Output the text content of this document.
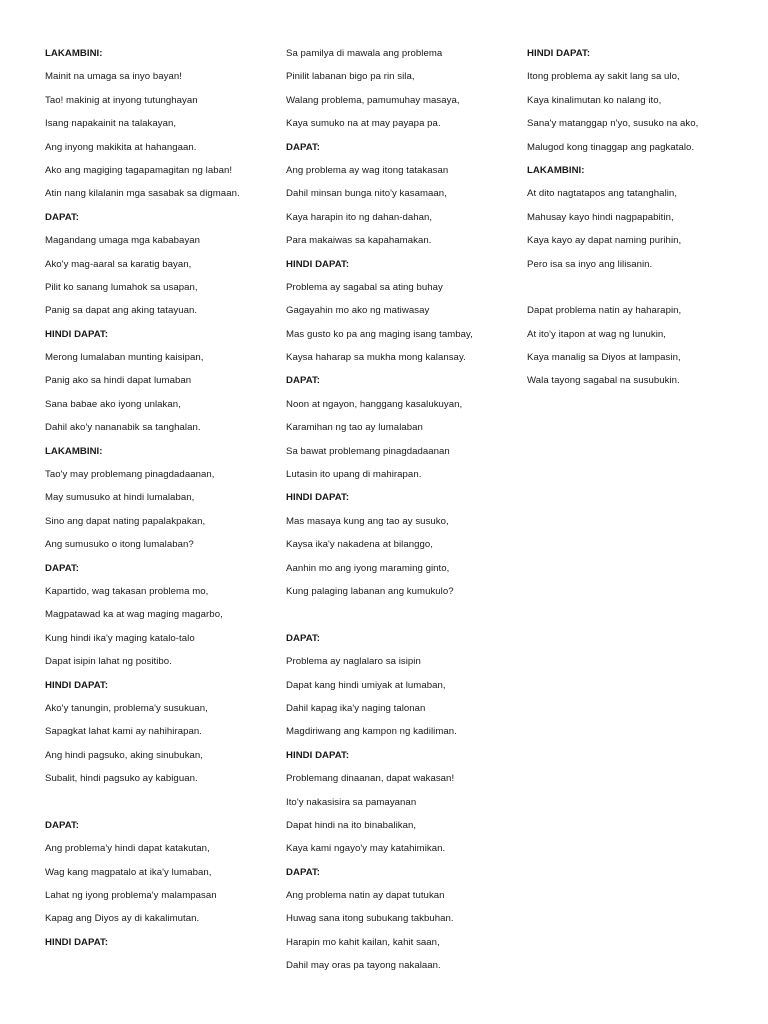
LAKAMBINI:
Mainit na umaga sa inyo bayan!
Tao! makinig at inyong tutunghayan
Isang napakainit na talakayan,
Ang inyong makikita at hahangaan.
Ako ang magiging tagapamagitan ng laban!
Atin nang kilalanin mga sasabak sa digmaan.
DAPAT:
Magandang umaga mga kababayan
Ako'y mag-aaral sa karatig bayan,
Pilit ko sanang lumahok sa usapan,
Panig sa dapat ang aking tatayuan.
HINDI DAPAT:
Merong lumalaban munting kaisipan,
Panig ako sa hindi dapat lumaban
Sana babae ako iyong unlakan,
Dahil ako'y nananabik sa tanghalan.
LAKAMBINI:
Tao'y may problemang pinagdadaanan,
May sumusuko at hindi lumalaban,
Sino ang dapat nating papalakpakan,
Ang sumusuko o itong lumalaban?
DAPAT:
Kapartido, wag takasan problema mo,
Magpatawad ka at wag maging magarbo,
Kung hindi ika'y maging katalo-talo
Dapat isipin lahat ng positibo.
HINDI DAPAT:
Ako'y tanungin, problema'y susukuan,
Sapagkat lahat kami ay nahihirapan.
Ang hindi pagsuko, aking sinubukan,
Subalit, hindi pagsuko ay kabiguan.
DAPAT:
Ang problema'y hindi dapat katakutan,
Wag kang magpatalo at ika'y lumaban,
Lahat ng iyong problema'y malampasan
Kapag ang Diyos ay di kakalimutan.
HINDI DAPAT:
Sa pamilya di mawala ang problema
Pinilit labanan bigo pa rin sila,
Walang problema, pamumuhay masaya,
Kaya sumuko na at may payapa pa.
DAPAT:
Ang problema ay wag itong tatakasan
Dahil minsan bunga nito'y kasamaan,
Kaya harapin ito ng dahan-dahan,
Para makaiwas sa kapahamakan.
HINDI DAPAT:
Problema ay sagabal sa ating buhay
Gagayahin mo ako ng matiwasay
Mas gusto ko pa ang maging isang tambay,
Kaysa haharap sa mukha mong kalansay.
DAPAT:
Noon at ngayon, hanggang kasalukuyan,
Karamihan ng tao ay lumalaban
Sa bawat problemang pinagdadaanan
Lutasin ito upang di mahirapan.
HINDI DAPAT:
Mas masaya kung ang tao ay susuko,
Kaysa ika'y nakadena at bilanggo,
Aanhin mo ang iyong maraming ginto,
Kung palaging labanan ang kumukulo?
DAPAT:
Problema ay naglalaro sa isipin
Dapat kang hindi umiyak at lumaban,
Dahil kapag ika'y naging talonan
Magdiriwang ang kampon ng kadiliman.
HINDI DAPAT:
Problemang dinaanan, dapat wakasan!
Ito'y nakasisira sa pamayanan
Dapat hindi na ito binabalikan,
Kaya kami ngayo'y may katahimikan.
DAPAT:
Ang problema natin ay dapat tutukan
Huwag sana itong subukang takbuhan.
Harapin mo kahit kailan, kahit saan,
Dahil may oras pa tayong nakalaan.
HINDI DAPAT:
Itong problema ay sakit lang sa ulo,
Kaya kinalimutan ko nalang ito,
Sana'y matanggap n'yo, susuko na ako,
Malugod kong tinaggap ang pagkatalo.
LAKAMBINI:
At dito nagtatapos ang tatanghalin,
Mahusay kayo hindi nagpapabitin,
Kaya kayo ay dapat naming purihin,
Pero isa sa inyo ang lilisanin.
Dapat problema natin ay haharapin,
At ito'y itapon at wag ng lunukin,
Kaya manalig sa Diyos at lampasin,
Wala tayong sagabal na susubukin.
